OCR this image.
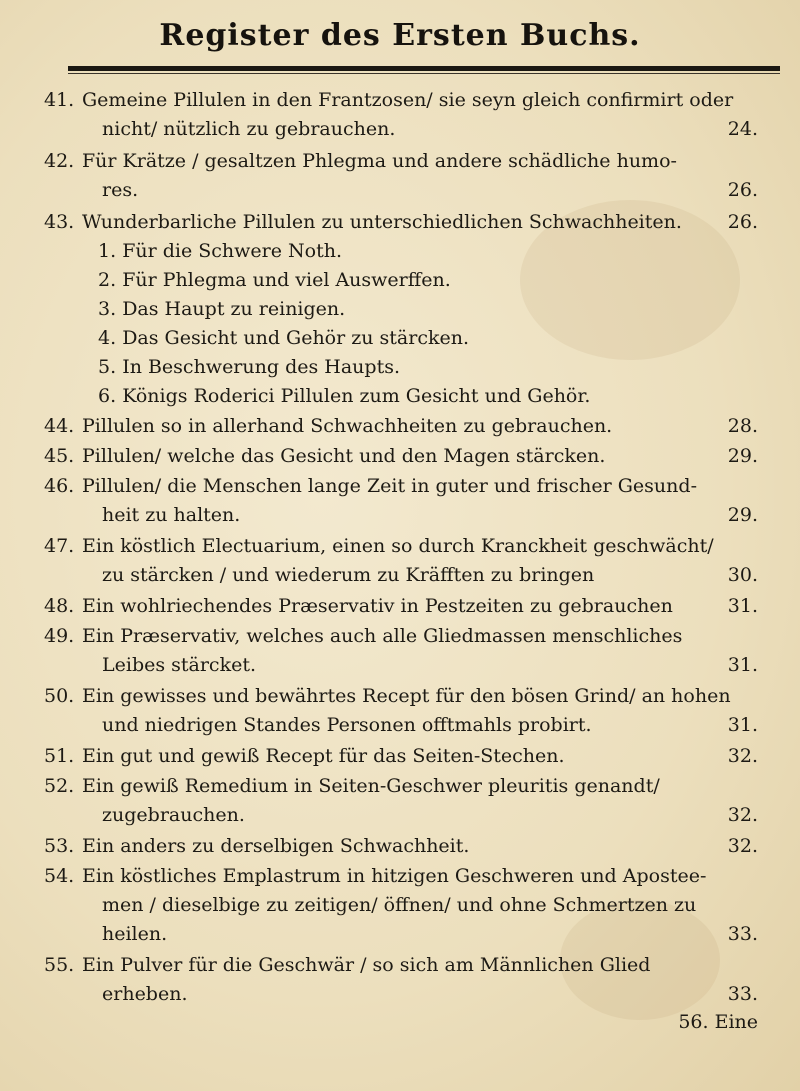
Register des Ersten Buchs.
41. Gemeine Pillulen in den Frantzosen/ sie seyn gleich confirmirt oder
nicht/ nützlich zu gebrauchen.	24.
42. Für Krätze / gesaltzen Phlegma und andere schädliche humo-
res.	26.
43. Wunderbarliche Pillulen zu unterschiedlichen Schwachheiten.	26.
1. Für die Schwere Noth.
2. Für Phlegma und viel Auswerffen.
3. Das Haupt zu reinigen.
4. Das Gesicht und Gehör zu stärcken.
5. In Beschwerung des Haupts.
6. Königs Roderici Pillulen zum Gesicht und Gehör.
44. Pillulen so in allerhand Schwachheiten zu gebrauchen.	28.
45. Pillulen/ welche das Gesicht und den Magen stärcken.	29.
46. Pillulen/ die Menschen lange Zeit in guter und frischer Gesund-
heit zu halten.	29.
47. Ein köstlich Electuarium, einen so durch Kranckheit geschwächt/
zu stärcken / und wiederum zu Kräfften zu bringen	30.
48. Ein wohlriechendes Præservativ in Pestzeiten zu gebrauchen	31.
49. Ein Præservativ, welches auch alle Gliedmassen menschliches
Leibes stärcket.	31.
50. Ein gewisses und bewährtes Recept für den bösen Grind/ an hohen
und niedrigen Standes Personen offtmahls probirt.	31.
51. Ein gut und gewiß Recept für das Seiten-Stechen.	32.
52. Ein gewiß Remedium in Seiten-Geschwer pleuritis genandt/
zugebrauchen.	32.
53. Ein anders zu derselbigen Schwachheit.	32.
54. Ein köstliches Emplastrum in hitzigen Geschweren und Apostee-
men / dieselbige zu zeitigen/ öffnen/ und ohne Schmertzen zu
heilen.	33.
55. Ein Pulver für die Geschwär / so sich am Männlichen Glied
erheben.	33.
56. Eine
